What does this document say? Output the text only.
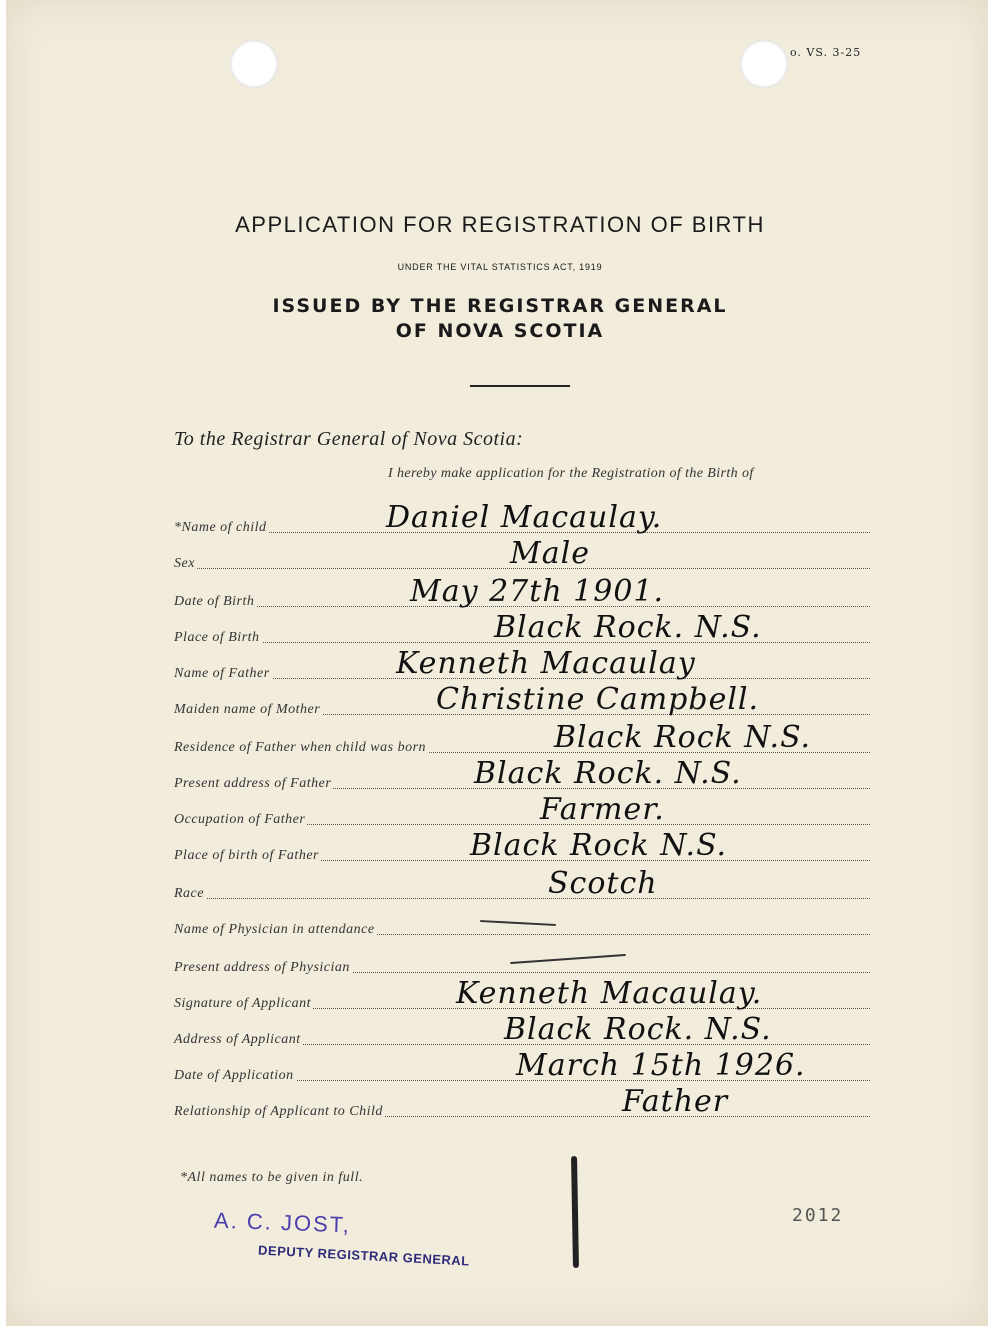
o. VS. 3-25
APPLICATION FOR REGISTRATION OF BIRTH
UNDER THE VITAL STATISTICS ACT, 1919
ISSUED BY THE REGISTRAR GENERAL
OF NOVA SCOTIA
To the Registrar General of Nova Scotia:
I hereby make application for the Registration of the Birth of
*Name of child	Daniel Macaulay.
Sex	Male
Date of Birth	May 27th 1901.
Place of Birth	Black Rock. N.S.
Name of Father	Kenneth Macaulay
Maiden name of Mother	Christine Campbell.
Residence of Father when child was born	Black Rock N.S.
Present address of Father	Black Rock. N.S.
Occupation of Father	Farmer.
Place of birth of Father	Black Rock N.S.
Race	Scotch
Name of Physician in attendance
Present address of Physician
Signature of Applicant	Kenneth Macaulay.
Address of Applicant	Black Rock. N.S.
Date of Application	March 15th 1926.
Relationship of Applicant to Child	Father
*All names to be given in full.
A. C. JOST,
DEPUTY REGISTRAR GENERAL
2012
